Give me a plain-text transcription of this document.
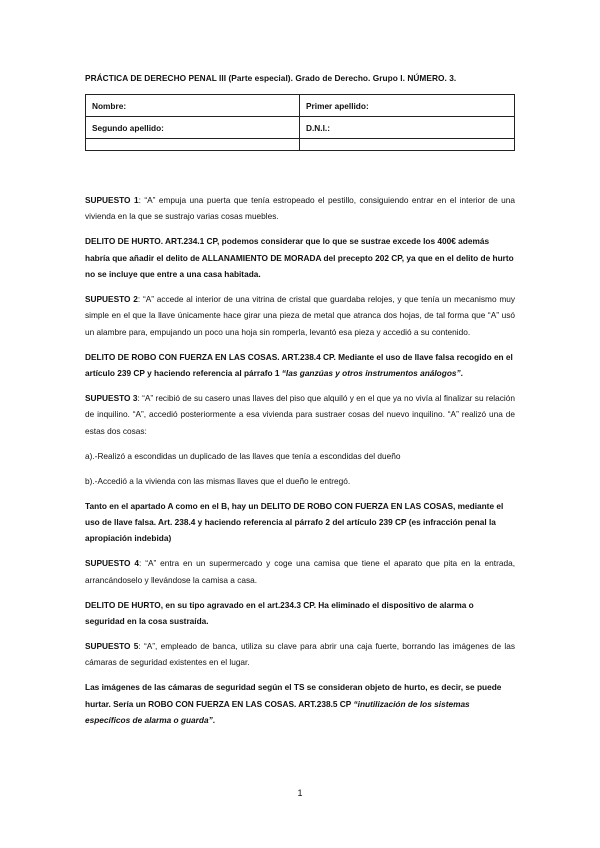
PRÁCTICA DE DERECHO PENAL III (Parte especial). Grado de Derecho. Grupo I. NÚMERO. 3.
Nombre:	Primer apellido:
Segundo apellido:	D.N.I.:

SUPUESTO 1: “A” empuja una puerta que tenía estropeado el pestillo, consiguiendo entrar en el interior de una vivienda en la que se sustrajo varias cosas muebles.

DELITO DE HURTO. ART.234.1 CP, podemos considerar que lo que se sustrae excede los 400€ además habría que añadir el delito de ALLANAMIENTO DE MORADA del precepto 202 CP, ya que en el delito de hurto no se incluye que entre a una casa habitada.

SUPUESTO 2: “A” accede al interior de una vitrina de cristal que guardaba relojes, y que tenía un mecanismo muy simple en el que la llave únicamente hace girar una pieza de metal que atranca dos hojas, de tal forma que “A” usó un alambre para, empujando un poco una hoja sin romperla, levantó esa pieza y accedió a su contenido.

DELITO DE ROBO CON FUERZA EN LAS COSAS. ART.238.4 CP. Mediante el uso de llave falsa recogido en el artículo 239 CP y haciendo referencia al párrafo 1 “las ganzúas y otros instrumentos análogos”.

SUPUESTO 3: “A” recibió de su casero unas llaves del piso que alquiló y en el que ya no vivía al finalizar su relación de inquilino. “A”, accedió posteriormente a esa vivienda para sustraer cosas del nuevo inquilino. “A” realizó una de estas dos cosas:

a).-Realizó a escondidas un duplicado de las llaves que tenía a escondidas del dueño

b).-Accedió a la vivienda con las mismas llaves que el dueño le entregó.

Tanto en el apartado A como en el B, hay un DELITO DE ROBO CON FUERZA EN LAS COSAS, mediante el uso de llave falsa. Art. 238.4 y haciendo referencia al párrafo 2 del artículo 239 CP (es infracción penal la apropiación indebida)

SUPUESTO 4: “A” entra en un supermercado y coge una camisa que tiene el aparato que pita en la entrada, arrancándoselo y llevándose la camisa a casa.

DELITO DE HURTO, en su tipo agravado en el art.234.3 CP. Ha eliminado el dispositivo de alarma o seguridad en la cosa sustraída.

SUPUESTO 5: “A”, empleado de banca, utiliza su clave para abrir una caja fuerte, borrando las imágenes de las cámaras de seguridad existentes en el lugar.

Las imágenes de las cámaras de seguridad según el TS se consideran objeto de hurto, es decir, se puede hurtar. Sería un ROBO CON FUERZA EN LAS COSAS. ART.238.5 CP “inutilización de los sistemas específicos de alarma o guarda”.

1
